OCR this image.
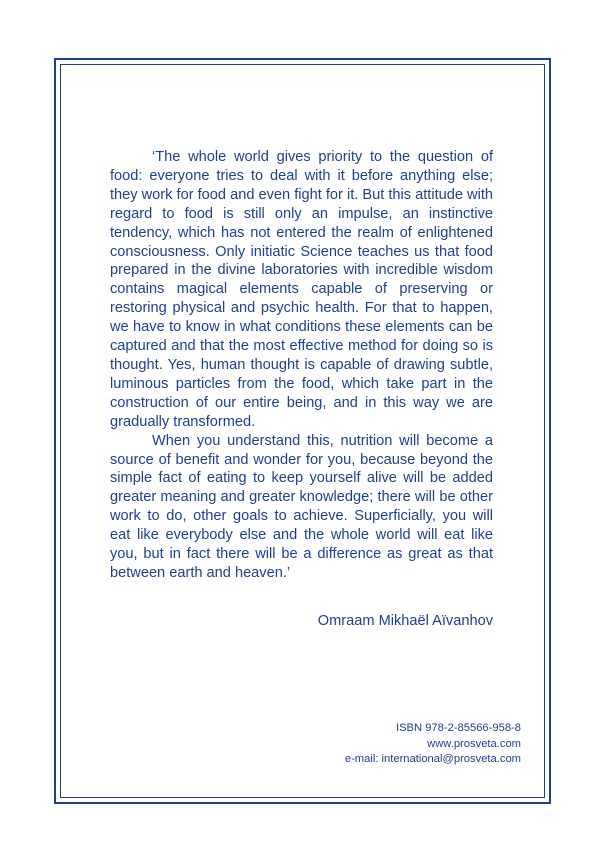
‘The whole world gives priority to the question of food: everyone tries to deal with it before anything else; they work for food and even fight for it. But this attitude with regard to food is still only an impulse, an instinctive tendency, which has not entered the realm of enlightened consciousness. Only initiatic Science teaches us that food prepared in the divine laboratories with incredible wisdom contains magical elements capable of preserving or restoring physical and psychic health. For that to happen, we have to know in what conditions these elements can be captured and that the most effective method for doing so is thought. Yes, human thought is capable of drawing subtle, luminous particles from the food, which take part in the construction of our entire being, and in this way we are gradually transformed.

When you understand this, nutrition will become a source of benefit and wonder for you, because beyond the simple fact of eating to keep yourself alive will be added greater meaning and greater knowledge; there will be other work to do, other goals to achieve. Superficially, you will eat like everybody else and the whole world will eat like you, but in fact there will be a difference as great as that between earth and heaven.’

Omraam Mikhaël Aïvanhov
ISBN 978-2-85566-958-8
www.prosveta.com
e-mail: international@prosveta.com
